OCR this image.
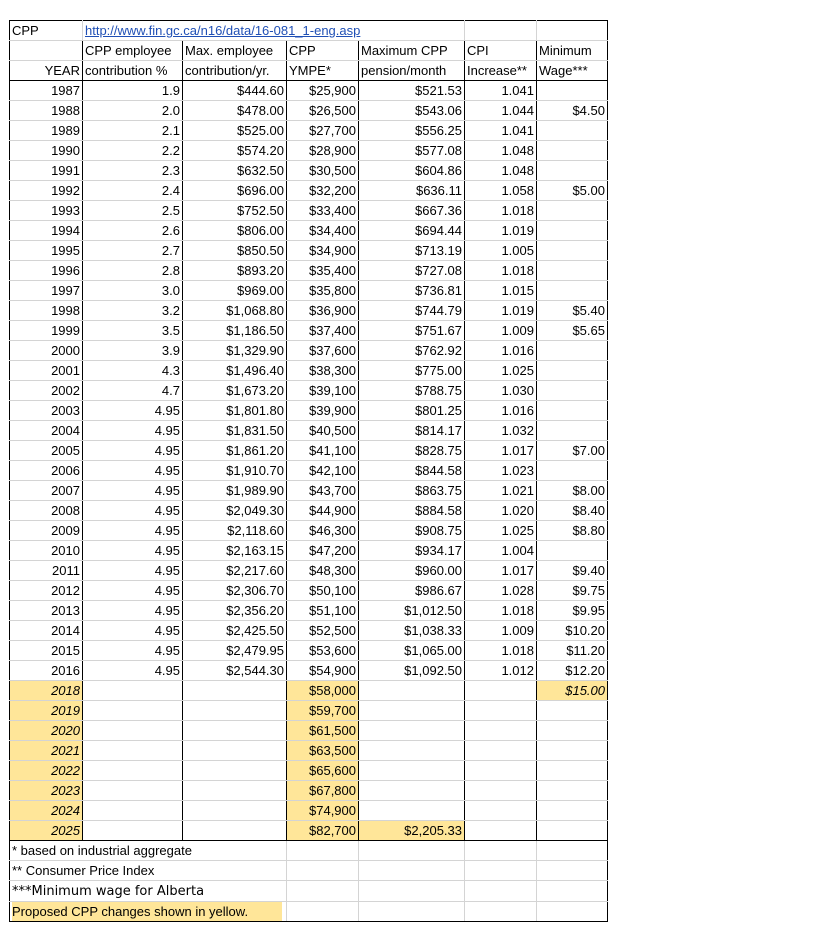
CPP	http://www.fin.gc.ca/n16/data/16-081_1-eng.asp					
	CPP employee	Max. employee	CPP	Maximum CPP	CPI	Minimum
YEAR	contribution %	contribution/yr.	YMPE*	pension/month	Increase**	Wage***
1987	1.9	$444.60	$25,900	$521.53	1.041	
1988	2.0	$478.00	$26,500	$543.06	1.044	$4.50
1989	2.1	$525.00	$27,700	$556.25	1.041	
1990	2.2	$574.20	$28,900	$577.08	1.048	
1991	2.3	$632.50	$30,500	$604.86	1.048	
1992	2.4	$696.00	$32,200	$636.11	1.058	$5.00
1993	2.5	$752.50	$33,400	$667.36	1.018	
1994	2.6	$806.00	$34,400	$694.44	1.019	
1995	2.7	$850.50	$34,900	$713.19	1.005	
1996	2.8	$893.20	$35,400	$727.08	1.018	
1997	3.0	$969.00	$35,800	$736.81	1.015	
1998	3.2	$1,068.80	$36,900	$744.79	1.019	$5.40
1999	3.5	$1,186.50	$37,400	$751.67	1.009	$5.65
2000	3.9	$1,329.90	$37,600	$762.92	1.016	
2001	4.3	$1,496.40	$38,300	$775.00	1.025	
2002	4.7	$1,673.20	$39,100	$788.75	1.030	
2003	4.95	$1,801.80	$39,900	$801.25	1.016	
2004	4.95	$1,831.50	$40,500	$814.17	1.032	
2005	4.95	$1,861.20	$41,100	$828.75	1.017	$7.00
2006	4.95	$1,910.70	$42,100	$844.58	1.023	
2007	4.95	$1,989.90	$43,700	$863.75	1.021	$8.00
2008	4.95	$2,049.30	$44,900	$884.58	1.020	$8.40
2009	4.95	$2,118.60	$46,300	$908.75	1.025	$8.80
2010	4.95	$2,163.15	$47,200	$934.17	1.004	
2011	4.95	$2,217.60	$48,300	$960.00	1.017	$9.40
2012	4.95	$2,306.70	$50,100	$986.67	1.028	$9.75
2013	4.95	$2,356.20	$51,100	$1,012.50	1.018	$9.95
2014	4.95	$2,425.50	$52,500	$1,038.33	1.009	$10.20
2015	4.95	$2,479.95	$53,600	$1,065.00	1.018	$11.20
2016	4.95	$2,544.30	$54,900	$1,092.50	1.012	$12.20
2018			$58,000			$15.00
2019			$59,700			
2020			$61,500			
2021			$63,500			
2022			$65,600			
2023			$67,800			
2024			$74,900			
2025			$82,700	$2,205.33		
* based on industrial aggregate						
** Consumer Price Index						
***Minimum wage for Alberta						
Proposed CPP changes shown in yellow.						
